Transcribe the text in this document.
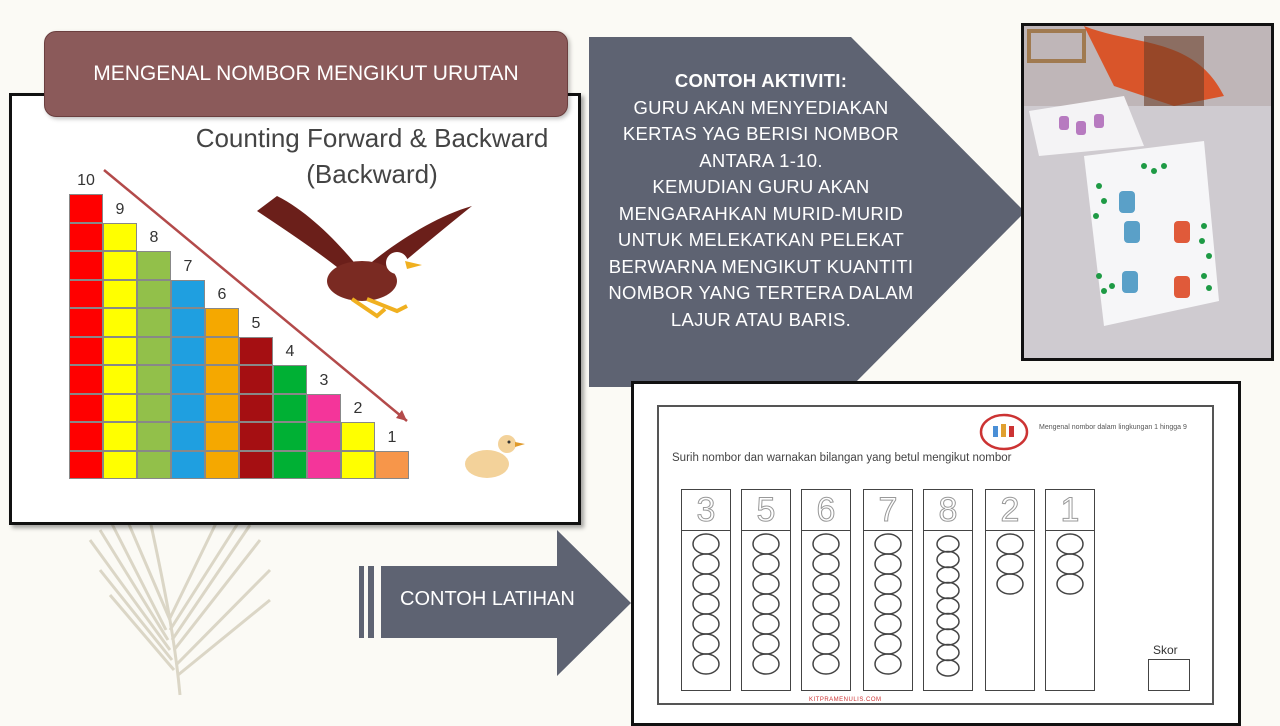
MENGENAL NOMBOR MENGIKUT URUTAN
Counting Forward & Backward
(Backward)
10
9
8
7
6
5
4
3
2
1
CONTOH AKTIVITI:
GURU AKAN MENYEDIAKAN
KERTAS YAG BERISI NOMBOR
ANTARA 1-10.
KEMUDIAN GURU AKAN
MENGARAHKAN MURID-MURID
UNTUK MELEKATKAN PELEKAT
BERWARNA MENGIKUT KUANTITI
NOMBOR YANG TERTERA DALAM
LAJUR ATAU BARIS.
CONTOH LATIHAN
Mengenal nombor dalam lingkungan 1 hingga 9
Surih nombor dan warnakan bilangan yang betul mengikut nombor
3	5	6	7	8	2	1
Skor
KITPRAMENULIS.COM
